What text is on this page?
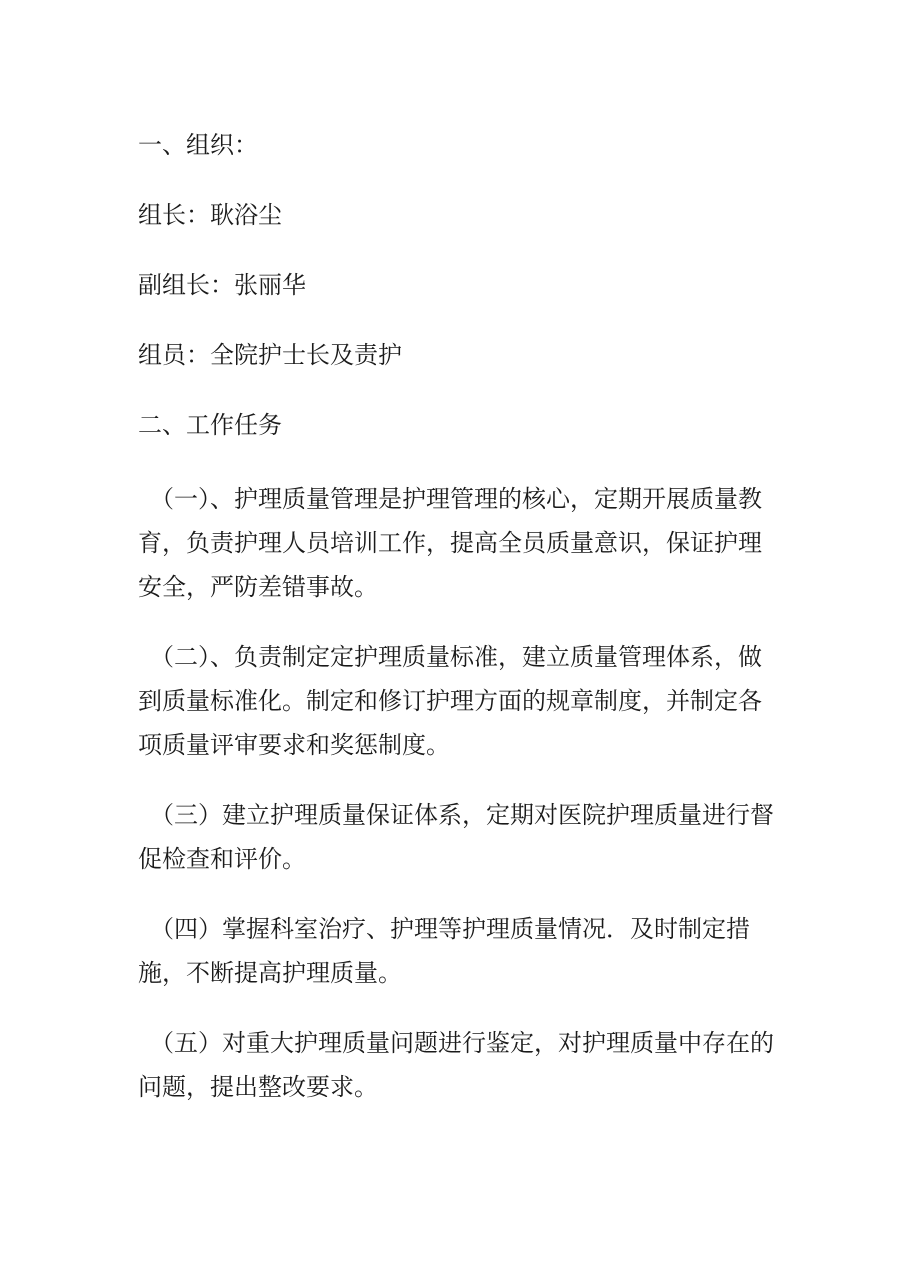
一、组织：

组长：耿浴尘

副组长：张丽华

组员：全院护士长及责护

二、工作任务

（一）、护理质量管理是护理管理的核心，定期开展质量教育，负责护理人员培训工作，提高全员质量意识，保证护理安全，严防差错事故。

（二）、负责制定定护理质量标准，建立质量管理体系，做到质量标准化。制定和修订护理方面的规章制度，并制定各项质量评审要求和奖惩制度。

（三）建立护理质量保证体系，定期对医院护理质量进行督促检查和评价。

（四）掌握科室治疗、护理等护理质量情况．及时制定措施，不断提高护理质量。

（五）对重大护理质量问题进行鉴定，对护理质量中存在的问题，提出整改要求。
